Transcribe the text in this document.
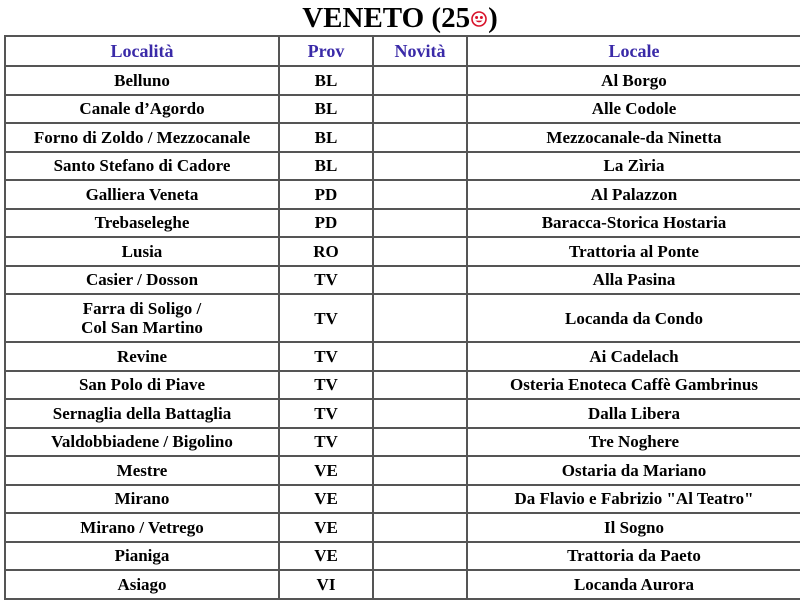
VENETO (25 )
Località	Prov	Novità	Locale
Belluno	BL		Al Borgo
Canale d’Agordo	BL		Alle Codole
Forno di Zoldo / Mezzocanale	BL		Mezzocanale-da Ninetta
Santo Stefano di Cadore	BL		La Zìria
Galliera Veneta	PD		Al Palazzon
Trebaseleghe	PD		Baracca-Storica Hostaria
Lusia	RO		Trattoria al Ponte
Casier / Dosson	TV		Alla Pasina
Farra di Soligo /
Col San Martino	TV		Locanda da Condo
Revine	TV		Ai Cadelach
San Polo di Piave	TV		Osteria Enoteca Caffè Gambrinus
Sernaglia della Battaglia	TV		Dalla Libera
Valdobbiadene / Bigolino	TV		Tre Noghere
Mestre	VE		Ostaria da Mariano
Mirano	VE		Da Flavio e Fabrizio "Al Teatro"
Mirano / Vetrego	VE		Il Sogno
Pianiga	VE		Trattoria da Paeto
Asiago	VI		Locanda Aurora
